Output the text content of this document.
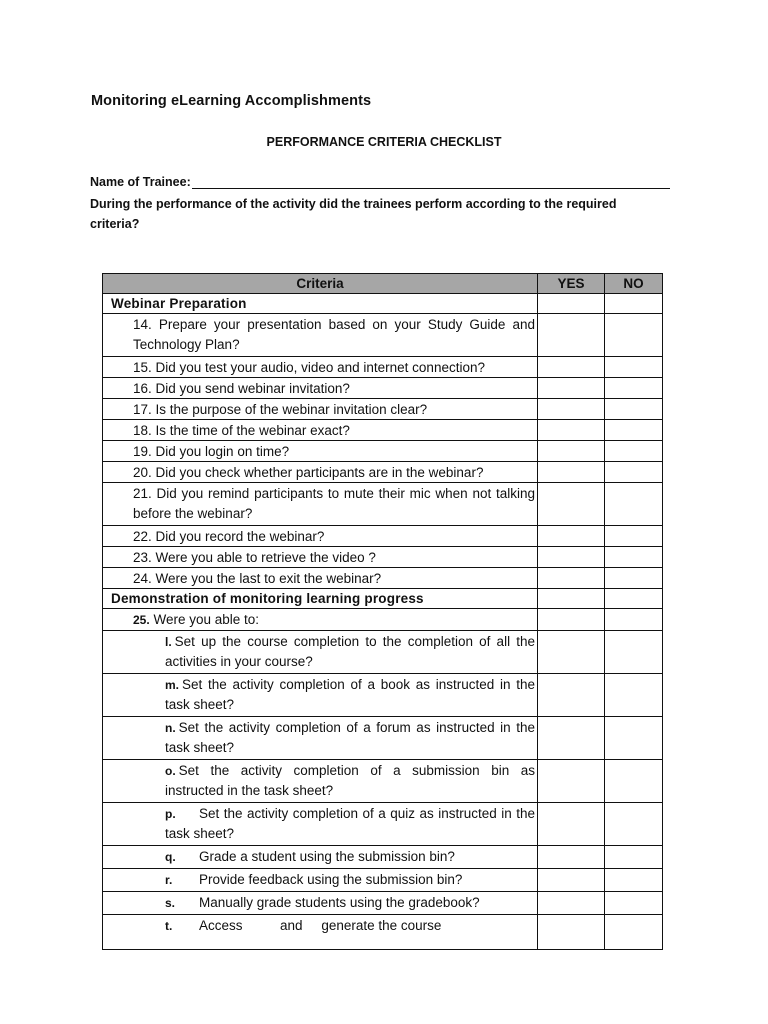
Monitoring eLearning Accomplishments
PERFORMANCE CRITERIA CHECKLIST
Name of Trainee:
During the performance of the activity did the trainees perform according to the required criteria?
Criteria	YES	NO
Webinar Preparation		
14. Prepare your presentation based on your Study Guide and Technology Plan?		
15. Did you test your audio, video and internet connection?		
16. Did you send webinar invitation?		
17. Is the purpose of the webinar invitation clear?		
18. Is the time of the webinar exact?		
19. Did you login on time?		
20. Did you check whether participants are in the webinar?		
21. Did you remind participants to mute their mic when not talking before the webinar?		
22. Did you record the webinar?		
23. Were you able to retrieve the video ?		
24. Were you the last to exit the webinar?		
Demonstration of monitoring learning progress		
25. Were you able to:		
l. Set up the course completion to the completion of all the activities in your course?		
m. Set the activity completion of a book as instructed in the task sheet?		
n. Set the activity completion of a forum as instructed in the task sheet?		
o. Set the activity completion of a submission bin as instructed in the task sheet?		
p. Set the activity completion of a quiz as instructed in the task sheet?		
q. Grade a student using the submission bin?		
r. Provide feedback using the submission bin?		
s. Manually grade students using the gradebook?		
t. Access and generate the course		
